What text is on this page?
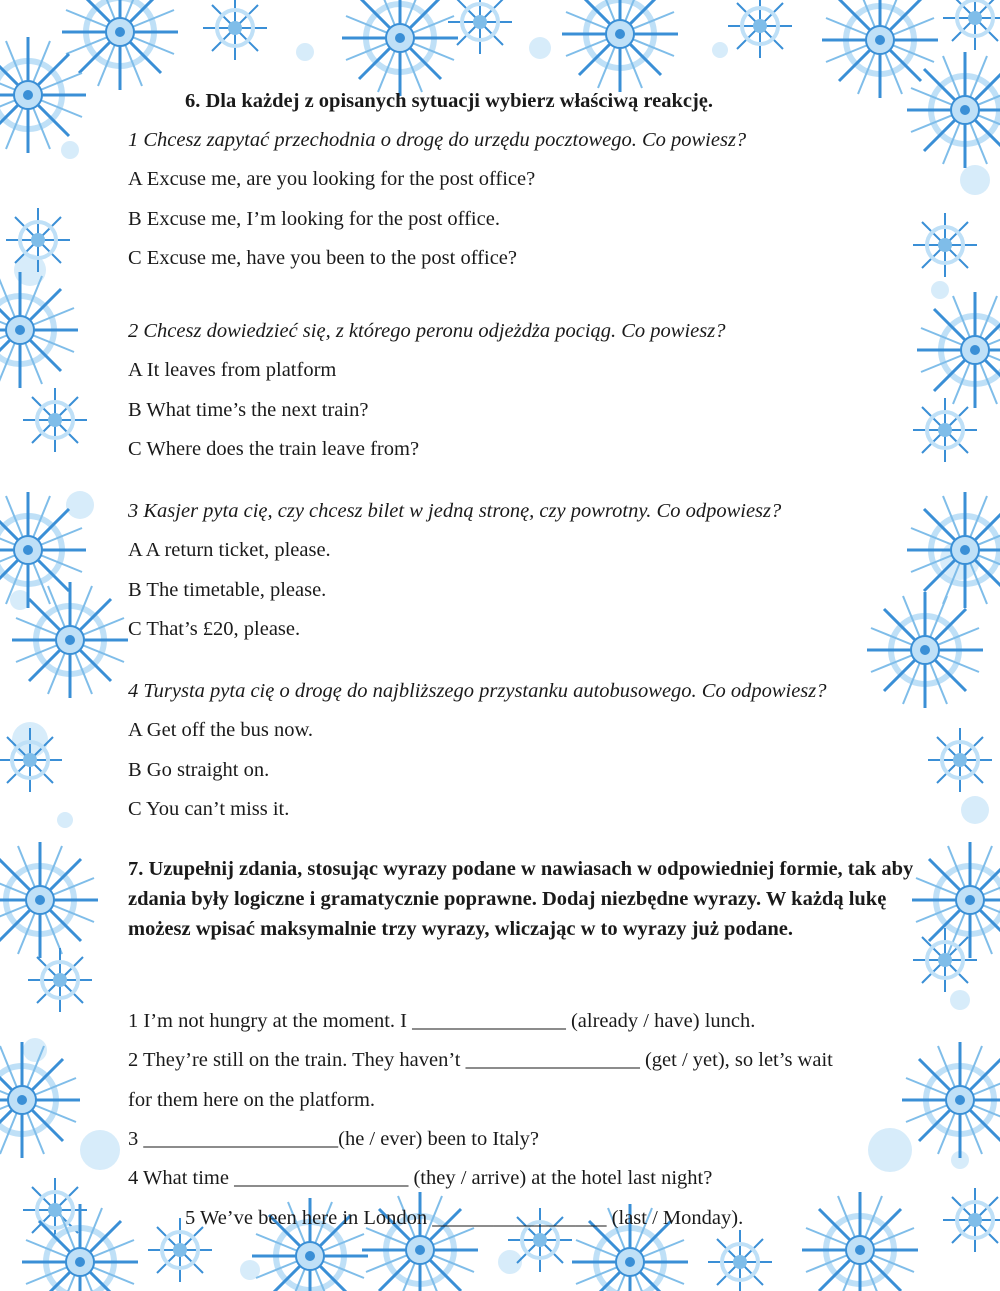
6. Dla każdej z opisanych sytuacji wybierz właściwą reakcję.
1 Chcesz zapytać przechodnia o drogę do urzędu pocztowego. Co powiesz?
A Excuse me, are you looking for the post office?
B Excuse me, I’m looking for the post office.
C Excuse me, have you been to the post office?
2 Chcesz dowiedzieć się, z którego peronu odjeżdża pociąg. Co powiesz?
A It leaves from platform
B What time’s the next train?
C Where does the train leave from?
3 Kasjer pyta cię, czy chcesz bilet w jedną stronę, czy powrotny. Co odpowiesz?
A A return ticket, please.
B The timetable, please.
C That’s £20, please.
4 Turysta pyta cię o drogę do najbliższego przystanku autobusowego. Co odpowiesz?
A Get off the bus now.
B Go straight on.
C You can’t miss it.
7. Uzupełnij zdania, stosując wyrazy podane w nawiasach w odpowiedniej formie, tak aby zdania były logiczne i gramatycznie poprawne. Dodaj niezbędne wyrazy. W każdą lukę możesz wpisać maksymalnie trzy wyrazy, wliczając w to wyrazy już podane.
1 I’m not hungry at the moment. I _______________ (already / have) lunch.
2 They’re still on the train. They haven’t _________________ (get / yet), so let’s wait
for them here on the platform.
3 ___________________(he / ever) been to Italy?
4 What time _________________ (they / arrive) at the hotel last night?
5 We’ve been here in London _________________ (last / Monday).
